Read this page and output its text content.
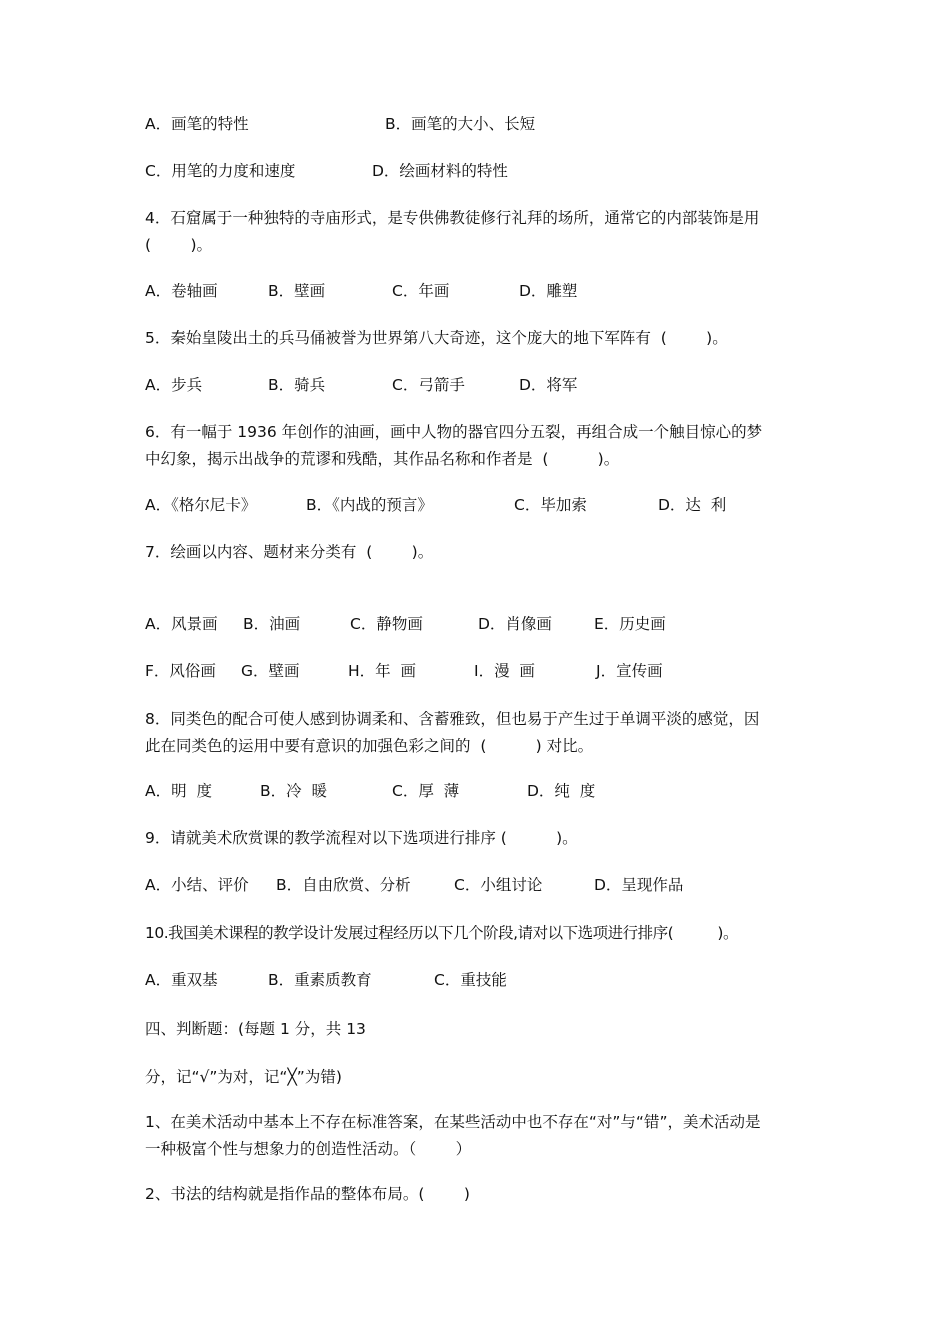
A．画笔的特性

	B．画笔的大小、长短

C．用笔的力度和速度

	D．绘画材料的特性

4．石窟属于一种独特的寺庙形式，是专供佛教徒修行礼拜的场所，通常它的内部装饰是用

(        )。

A．卷轴画

	B．壁画

	C．年画

	D．雕塑

5．秦始皇陵出土的兵马俑被誉为世界第八大奇迹，这个庞大的地下军阵有  (        )。

A．步兵

	B．骑兵

	C．弓箭手

	D．将军

6．有一幅于 1936 年创作的油画，画中人物的器官四分五裂，再组合成一个触目惊心的梦

中幻象，揭示出战争的荒谬和残酷，其作品名称和作者是  (          )。

A．《格尔尼卡》

	B．《内战的预言》

	C．毕加索

	D．达  利

7．绘画以内容、题材来分类有  (        )。

A．风景画

B．油画

	C．静物画

	D．肖像画

	E．历史画

F．风俗画

G．壁画

	H．年  画

	I．漫  画

	J．宣传画

8．同类色的配合可使人感到协调柔和、含蓄雅致，但也易于产生过于单调平淡的感觉，因

此在同类色的运用中要有意识的加强色彩之间的  (          ) 对比。

A．明  度

	B．冷  暖

	C．厚  薄

	D．纯  度

9．请就美术欣赏课的教学流程对以下选项进行排序 (          )。

A．小结、评价

B．自由欣赏、分析

	C．小组讨论

	D．呈现作品

10.我国美术课程的教学设计发展过程经历以下几个阶段,请对以下选项进行排序(          )。

A．重双基

	B．重素质教育

	C．重技能

四、判断题：(每题 1 分，共 13

分，记“√”为对，记“╳”为错)

1、在美术活动中基本上不存在标准答案，在某些活动中也不存在“对”与“错”，美术活动是

一种极富个性与想象力的创造性活动。（        ）

2、书法的结构就是指作品的整体布局。(        )
